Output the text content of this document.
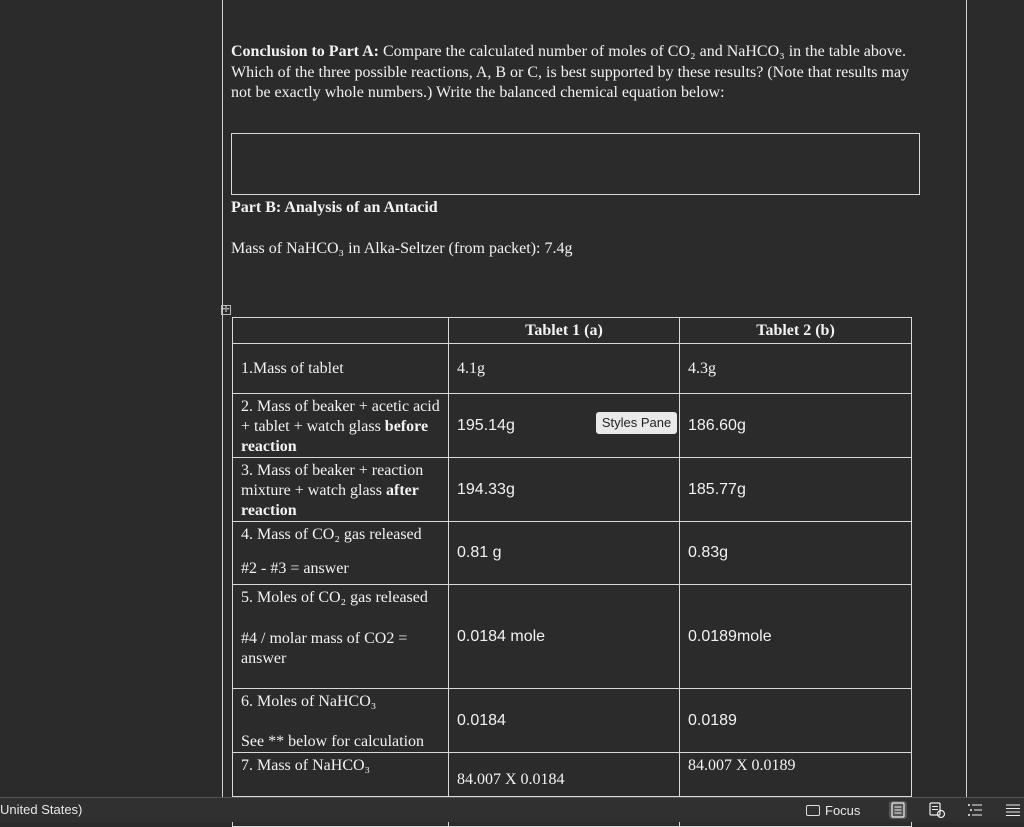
Conclusion to Part A: Compare the calculated number of moles of CO₂ and NaHCO₃ in the table above. Which of the three possible reactions, A, B or C, is best supported by these results? (Note that results may not be exactly whole numbers.) Write the balanced chemical equation below:

Part B: Analysis of an Antacid
Mass of NaHCO₃ in Alka-Seltzer (from packet): 7.4g
✛
	Tablet 1 (a)	Tablet 2 (b)
1.Mass of tablet	4.1g	4.3g
2. Mass of beaker + acetic acid + tablet + watch glass before reaction	195.14g	186.60g
3. Mass of beaker + reaction mixture + watch glass after reaction	194.33g	185.77g

4. Mass of CO₂ gas released
#2 - #3 = answer	0.81 g	0.83g

5. Moles of CO₂ gas released
#4 / molar mass of CO2 = answer	0.0184 mole	0.0189mole

6. Moles of NaHCO₃
See ** below for calculation	0.0184	0.0189
7. Mass of NaHCO₃	84.007 X 0.0184	84.007 X 0.0189

Styles Pane
United States)	Focus
